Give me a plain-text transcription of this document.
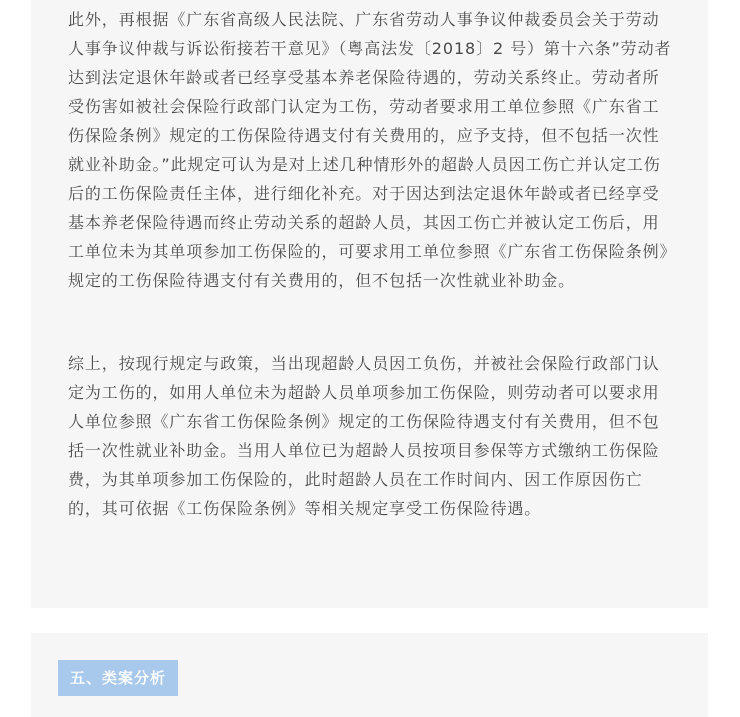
此外，再根据《广东省高级人民法院、广东省劳动人事争议仲裁委员会关于劳动人事争议仲裁与诉讼衔接若干意见》（粤高法发〔2018〕2 号）第十六条”劳动者达到法定退休年龄或者已经享受基本养老保险待遇的，劳动关系终止。劳动者所受伤害如被社会保险行政部门认定为工伤，劳动者要求用工单位参照《广东省工伤保险条例》规定的工伤保险待遇支付有关费用的，应予支持，但不包括一次性就业补助金。”此规定可认为是对上述几种情形外的超龄人员因工伤亡并认定工伤后的工伤保险责任主体，进行细化补充。对于因达到法定退休年龄或者已经享受基本养老保险待遇而终止劳动关系的超龄人员，其因工伤亡并被认定工伤后，用工单位未为其单项参加工伤保险的，可要求用工单位参照《广东省工伤保险条例》规定的工伤保险待遇支付有关费用的，但不包括一次性就业补助金。

综上，按现行规定与政策，当出现超龄人员因工负伤，并被社会保险行政部门认定为工伤的，如用人单位未为超龄人员单项参加工伤保险，则劳动者可以要求用人单位参照《广东省工伤保险条例》规定的工伤保险待遇支付有关费用，但不包括一次性就业补助金。当用人单位已为超龄人员按项目参保等方式缴纳工伤保险费，为其单项参加工伤保险的，此时超龄人员在工作时间内、因工作原因伤亡的，其可依据《工伤保险条例》等相关规定享受工伤保险待遇。

五、类案分析
